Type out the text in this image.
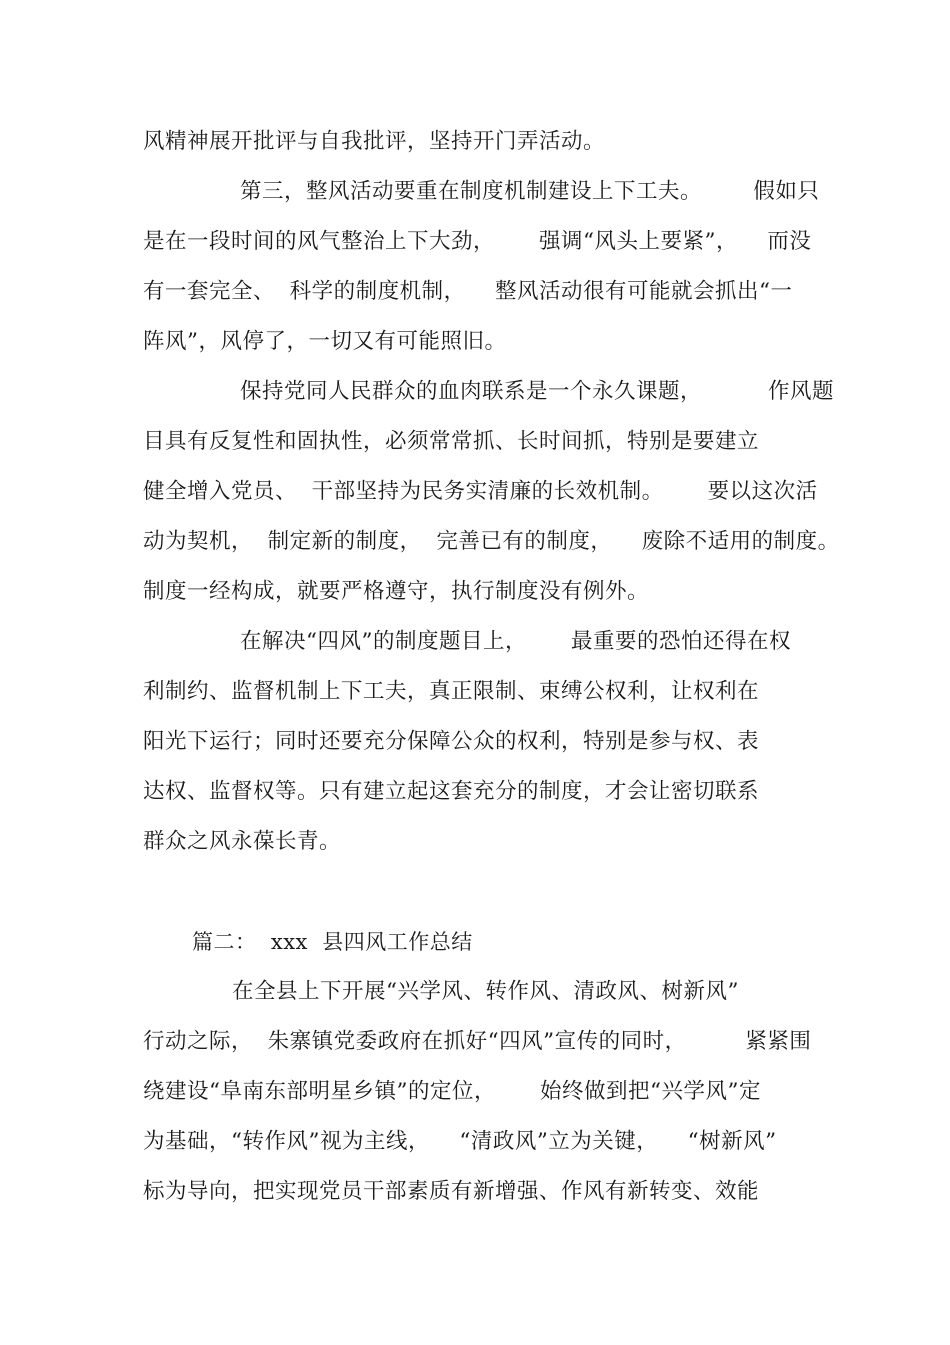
风精神展开批评与自我批评，坚持开门弄活动。
第三，整风活动要重在制度机制建设上下工夫。       假如只
是在一段时间的风气整治上下大劲，      强调“风头上要紧”，    而没
有一套完全、  科学的制度机制，    整风活动很有可能就会抓出“一
阵风”，风停了，一切又有可能照旧。
保持党同人民群众的血肉联系是一个永久课题，         作风题
目具有反复性和固执性，必须常常抓、长时间抓，特别是要建立
健全增入党员、  干部坚持为民务实清廉的长效机制。      要以这次活
动为契机，  制定新的制度，  完善已有的制度，    废除不适用的制度。
制度一经构成，就要严格遵守，执行制度没有例外。
在解决“四风”的制度题目上，      最重要的恐怕还得在权
利制约、监督机制上下工夫，真正限制、束缚公权利，让权利在
阳光下运行；同时还要充分保障公众的权利，特别是参与权、表
达权、监督权等。只有建立起这套充分的制度，才会让密切联系
群众之风永葆长青。
篇二：  xxx  县四风工作总结
在全县上下开展“兴学风、转作风、清政风、树新风”
行动之际，  朱寨镇党委政府在抓好“四风”宣传的同时，        紧紧围
绕建设“阜南东部明星乡镇”的定位，      始终做到把“兴学风”定
为基础，“转作风”视为主线，    “清政风”立为关键，    “树新风”
标为导向，把实现党员干部素质有新增强、作风有新转变、效能
